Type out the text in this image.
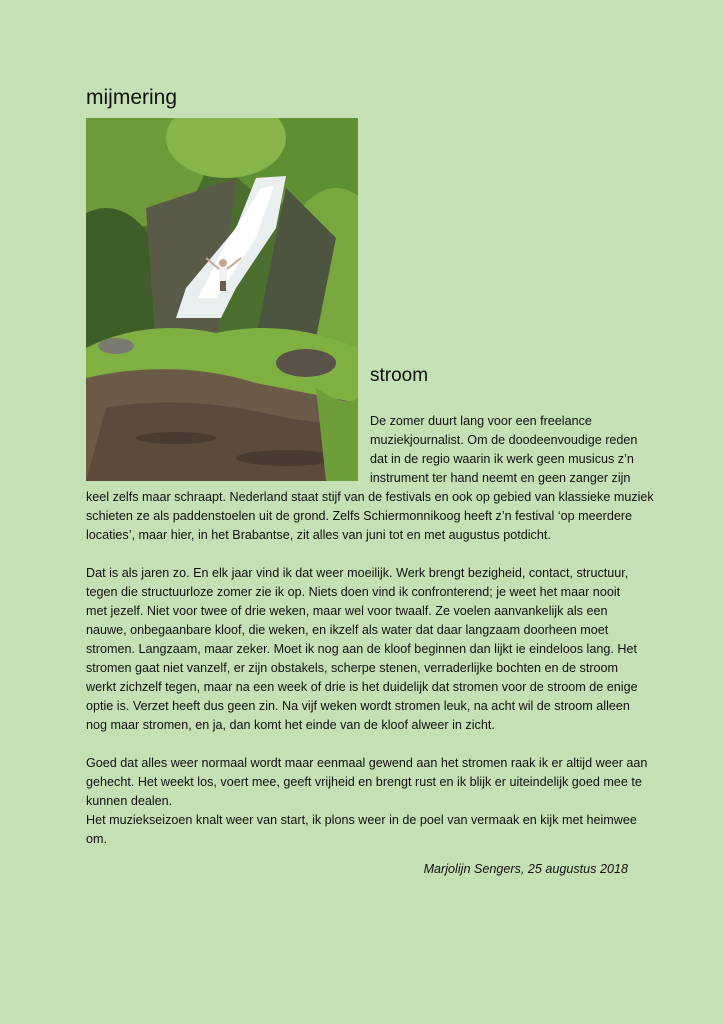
mijmering
stroom

De zomer duurt lang voor een freelance
muziekjournalist. Om de doodeenvoudige reden
dat in de regio waarin ik werk geen musicus z’n
instrument ter hand neemt en geen zanger zijn

keel zelfs maar schraapt. Nederland staat stijf van de festivals en ook op gebied van klassieke muziek
schieten ze als paddenstoelen uit de grond. Zelfs Schiermonnikoog heeft z’n festival ‘op meerdere
locaties’, maar hier, in het Brabantse, zit alles van juni tot en met augustus potdicht.

Dat is als jaren zo. En elk jaar vind ik dat weer moeilijk. Werk brengt bezigheid, contact, structuur,
tegen die structuurloze zomer zie ik op. Niets doen vind ik confronterend; je weet het maar nooit
met jezelf. Niet voor twee of drie weken, maar wel voor twaalf. Ze voelen aanvankelijk als een
nauwe, onbegaanbare kloof, die weken, en ikzelf als water dat daar langzaam doorheen moet
stromen. Langzaam, maar zeker. Moet ik nog aan de kloof beginnen dan lijkt ie eindeloos lang. Het
stromen gaat niet vanzelf, er zijn obstakels, scherpe stenen, verraderlijke bochten en de stroom
werkt zichzelf tegen, maar na een week of drie is het duidelijk dat stromen voor de stroom de enige
optie is. Verzet heeft dus geen zin. Na vijf weken wordt stromen leuk, na acht wil de stroom alleen
nog maar stromen, en ja, dan komt het einde van de kloof alweer in zicht.

Goed dat alles weer normaal wordt maar eenmaal gewend aan het stromen raak ik er altijd weer aan
gehecht. Het weekt los, voert mee, geeft vrijheid en brengt rust en ik blijk er uiteindelijk goed mee te
kunnen dealen.

Het muziekseizoen knalt weer van start, ik plons weer in de poel van vermaak en kijk met heimwee
om.

Marjolijn Sengers, 25 augustus 2018
